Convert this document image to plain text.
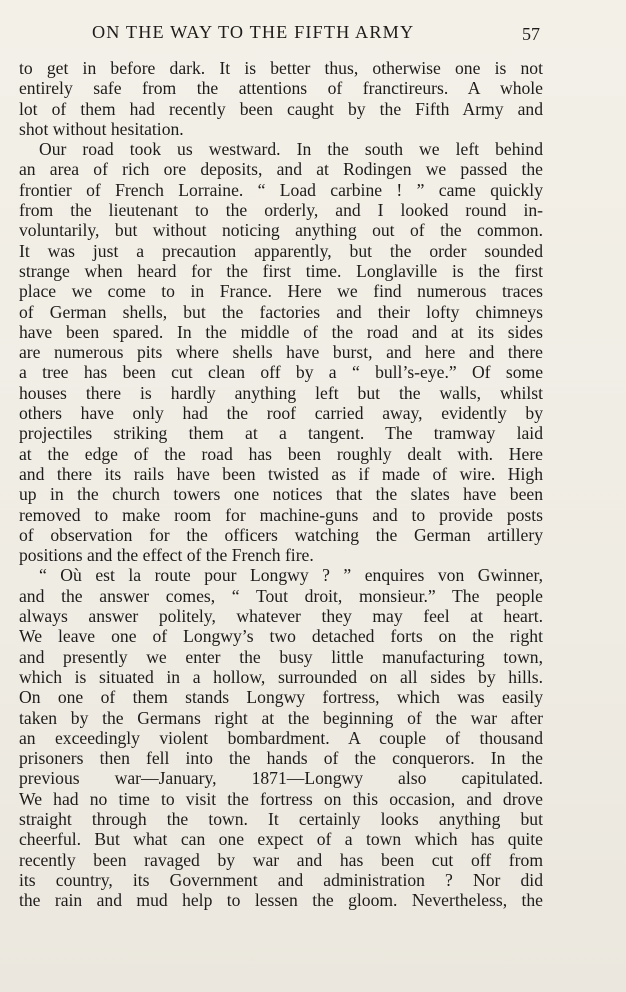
ON THE WAY TO THE FIFTH ARMY	57
to get in before dark. It is better thus, otherwise one is not
entirely safe from the attentions of franctireurs. A whole
lot of them had recently been caught by the Fifth Army and
shot without hesitation.
Our road took us westward. In the south we left behind
an area of rich ore deposits, and at Rodingen we passed the
frontier of French Lorraine. “ Load carbine ! ” came quickly
from the lieutenant to the orderly, and I looked round in-
voluntarily, but without noticing anything out of the common.
It was just a precaution apparently, but the order sounded
strange when heard for the first time. Longlaville is the first
place we come to in France. Here we find numerous traces
of German shells, but the factories and their lofty chimneys
have been spared. In the middle of the road and at its sides
are numerous pits where shells have burst, and here and there
a tree has been cut clean off by a “ bull’s-eye.” Of some
houses there is hardly anything left but the walls, whilst
others have only had the roof carried away, evidently by
projectiles striking them at a tangent. The tramway laid
at the edge of the road has been roughly dealt with. Here
and there its rails have been twisted as if made of wire. High
up in the church towers one notices that the slates have been
removed to make room for machine-guns and to provide posts
of observation for the officers watching the German artillery
positions and the effect of the French fire.
“ Où est la route pour Longwy ? ” enquires von Gwinner,
and the answer comes, “ Tout droit, monsieur.” The people
always answer politely, whatever they may feel at heart.
We leave one of Longwy’s two detached forts on the right
and presently we enter the busy little manufacturing town,
which is situated in a hollow, surrounded on all sides by hills.
On one of them stands Longwy fortress, which was easily
taken by the Germans right at the beginning of the war after
an exceedingly violent bombardment. A couple of thousand
prisoners then fell into the hands of the conquerors. In the
previous war—January, 1871—Longwy also capitulated.
We had no time to visit the fortress on this occasion, and drove
straight through the town. It certainly looks anything but
cheerful. But what can one expect of a town which has quite
recently been ravaged by war and has been cut off from
its country, its Government and administration ? Nor did
the rain and mud help to lessen the gloom. Nevertheless, the
